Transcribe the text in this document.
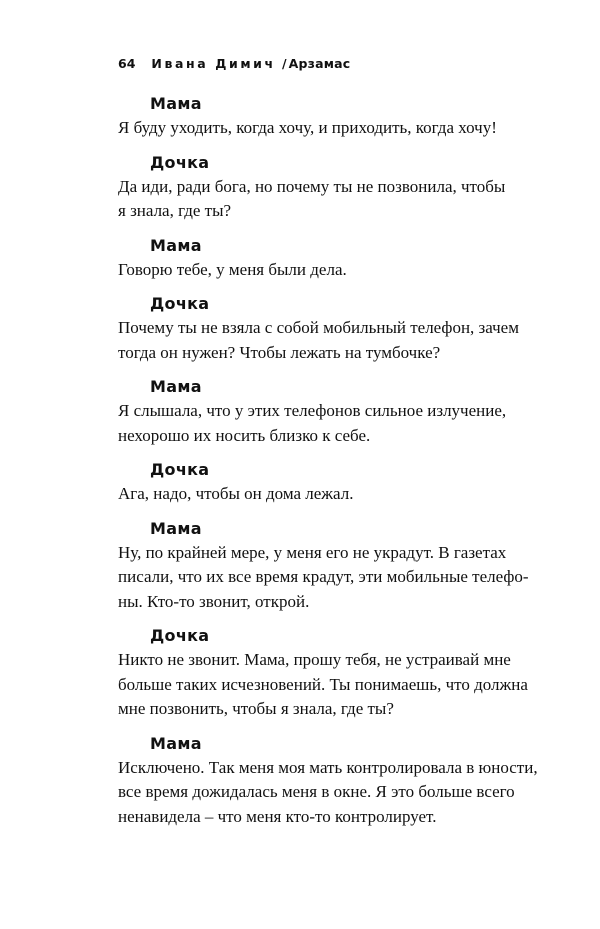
64 Ивана Димич / Арзамас
Мама
Я буду уходить, когда хочу, и приходить, когда хочу!
Дочка
Да иди, ради бога, но почему ты не позвонила, чтобы
я знала, где ты?
Мама
Говорю тебе, у меня были дела.
Дочка
Почему ты не взяла с собой мобильный телефон, зачем
тогда он нужен? Чтобы лежать на тумбочке?
Мама
Я слышала, что у этих телефонов сильное излучение,
нехорошо их носить близко к себе.
Дочка
Ага, надо, чтобы он дома лежал.
Мама
Ну, по крайней мере, у меня его не украдут. В газетах
писали, что их все время крадут, эти мобильные телефо-
ны. Кто-то звонит, открой.
Дочка
Никто не звонит. Мама, прошу тебя, не устраивай мне
больше таких исчезновений. Ты понимаешь, что должна
мне позвонить, чтобы я знала, где ты?
Мама
Исключено. Так меня моя мать контролировала в юности,
все время дожидалась меня в окне. Я это больше всего
ненавидела – что меня кто-то контролирует.
